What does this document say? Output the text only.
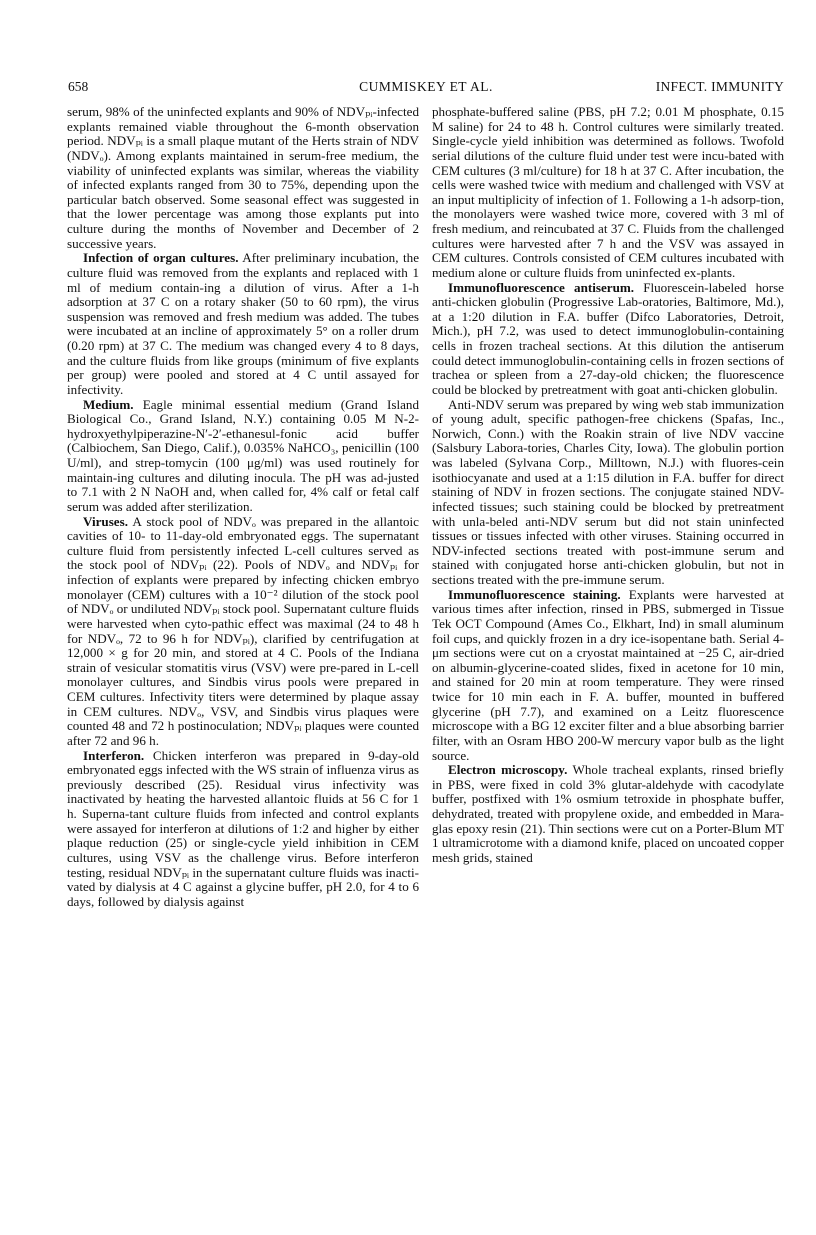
658	CUMMISKEY ET AL.	INFECT. IMMUNITY

serum, 98% of the uninfected explants and 90% of NDVₚᵢ-infected explants remained viable throughout the 6-month observation period. NDVₚᵢ is a small plaque mutant of the Herts strain of NDV (NDVₒ). Among explants maintained in serum-free medium, the viability of uninfected explants was similar, whereas the viability of infected explants ranged from 30 to 75%, depending upon the particular batch observed. Some seasonal effect was suggested in that the lower percentage was among those explants put into culture during the months of November and December of 2 successive years.

Infection of organ cultures. After preliminary incubation, the culture fluid was removed from the explants and replaced with 1 ml of medium contain-ing a dilution of virus. After a 1-h adsorption at 37 C on a rotary shaker (50 to 60 rpm), the virus suspension was removed and fresh medium was added. The tubes were incubated at an incline of approximately 5° on a roller drum (0.20 rpm) at 37 C. The medium was changed every 4 to 8 days, and the culture fluids from like groups (minimum of five explants per group) were pooled and stored at 4 C until assayed for infectivity.

Medium. Eagle minimal essential medium (Grand Island Biological Co., Grand Island, N.Y.) containing 0.05 M N-2-hydroxyethylpiperazine-N′-2′-ethanesul-fonic acid buffer (Calbiochem, San Diego, Calif.), 0.035% NaHCO₃, penicillin (100 U/ml), and strep-tomycin (100 μg/ml) was used routinely for maintain-ing cultures and diluting inocula. The pH was ad-justed to 7.1 with 2 N NaOH and, when called for, 4% calf or fetal calf serum was added after sterilization.

Viruses. A stock pool of NDVₒ was prepared in the allantoic cavities of 10- to 11-day-old embryonated eggs. The supernatant culture fluid from persistently infected L-cell cultures served as the stock pool of NDVₚᵢ (22). Pools of NDVₒ and NDVₚᵢ for infection of explants were prepared by infecting chicken embryo monolayer (CEM) cultures with a 10⁻² dilution of the stock pool of NDVₒ or undiluted NDVₚᵢ stock pool. Supernatant culture fluids were harvested when cyto-pathic effect was maximal (24 to 48 h for NDVₒ, 72 to 96 h for NDVₚᵢ), clarified by centrifugation at 12,000 × g for 20 min, and stored at 4 C. Pools of the Indiana strain of vesicular stomatitis virus (VSV) were pre-pared in L-cell monolayer cultures, and Sindbis virus pools were prepared in CEM cultures. Infectivity titers were determined by plaque assay in CEM cultures. NDVₒ, VSV, and Sindbis virus plaques were counted 48 and 72 h postinoculation; NDVₚᵢ plaques were counted after 72 and 96 h.

Interferon. Chicken interferon was prepared in 9-day-old embryonated eggs infected with the WS strain of influenza virus as previously described (25). Residual virus infectivity was inactivated by heating the harvested allantoic fluids at 56 C for 1 h. Superna-tant culture fluids from infected and control explants were assayed for interferon at dilutions of 1:2 and higher by either plaque reduction (25) or single-cycle yield inhibition in CEM cultures, using VSV as the challenge virus. Before interferon testing, residual NDVₚᵢ in the supernatant culture fluids was inacti-vated by dialysis at 4 C against a glycine buffer, pH 2.0, for 4 to 6 days, followed by dialysis against

phosphate-buffered saline (PBS, pH 7.2; 0.01 M phosphate, 0.15 M saline) for 24 to 48 h. Control cultures were similarly treated. Single-cycle yield inhibition was determined as follows. Twofold serial dilutions of the culture fluid under test were incu-bated with CEM cultures (3 ml/culture) for 18 h at 37 C. After incubation, the cells were washed twice with medium and challenged with VSV at an input multiplicity of infection of 1. Following a 1-h adsorp-tion, the monolayers were washed twice more, covered with 3 ml of fresh medium, and reincubated at 37 C. Fluids from the challenged cultures were harvested after 7 h and the VSV was assayed in CEM cultures. Controls consisted of CEM cultures incubated with medium alone or culture fluids from uninfected ex-plants.

Immunofluorescence antiserum. Fluorescein-labeled horse anti-chicken globulin (Progressive Lab-oratories, Baltimore, Md.), at a 1:20 dilution in F.A. buffer (Difco Laboratories, Detroit, Mich.), pH 7.2, was used to detect immunoglobulin-containing cells in frozen tracheal sections. At this dilution the antiserum could detect immunoglobulin-containing cells in frozen sections of trachea or spleen from a 27-day-old chicken; the fluorescence could be blocked by pretreatment with goat anti-chicken globulin.

Anti-NDV serum was prepared by wing web stab immunization of young adult, specific pathogen-free chickens (Spafas, Inc., Norwich, Conn.) with the Roakin strain of live NDV vaccine (Salsbury Labora-tories, Charles City, Iowa). The globulin portion was labeled (Sylvana Corp., Milltown, N.J.) with fluores-cein isothiocyanate and used at a 1:15 dilution in F.A. buffer for direct staining of NDV in frozen sections. The conjugate stained NDV-infected tissues; such staining could be blocked by pretreatment with unla-beled anti-NDV serum but did not stain uninfected tissues or tissues infected with other viruses. Staining occurred in NDV-infected sections treated with post-immune serum and stained with conjugated horse anti-chicken globulin, but not in sections treated with the pre-immune serum.

Immunofluorescence staining. Explants were harvested at various times after infection, rinsed in PBS, submerged in Tissue Tek OCT Compound (Ames Co., Elkhart, Ind) in small aluminum foil cups, and quickly frozen in a dry ice-isopentane bath. Serial 4-μm sections were cut on a cryostat maintained at −25 C, air-dried on albumin-glycerine-coated slides, fixed in acetone for 10 min, and stained for 20 min at room temperature. They were rinsed twice for 10 min each in F. A. buffer, mounted in buffered glycerine (pH 7.7), and examined on a Leitz fluorescence microscope with a BG 12 exciter filter and a blue absorbing barrier filter, with an Osram HBO 200-W mercury vapor bulb as the light source.

Electron microscopy. Whole tracheal explants, rinsed briefly in PBS, were fixed in cold 3% glutar-aldehyde with cacodylate buffer, postfixed with 1% osmium tetroxide in phosphate buffer, dehydrated, treated with propylene oxide, and embedded in Mara-glas epoxy resin (21). Thin sections were cut on a Porter-Blum MT 1 ultramicrotome with a diamond knife, placed on uncoated copper mesh grids, stained
